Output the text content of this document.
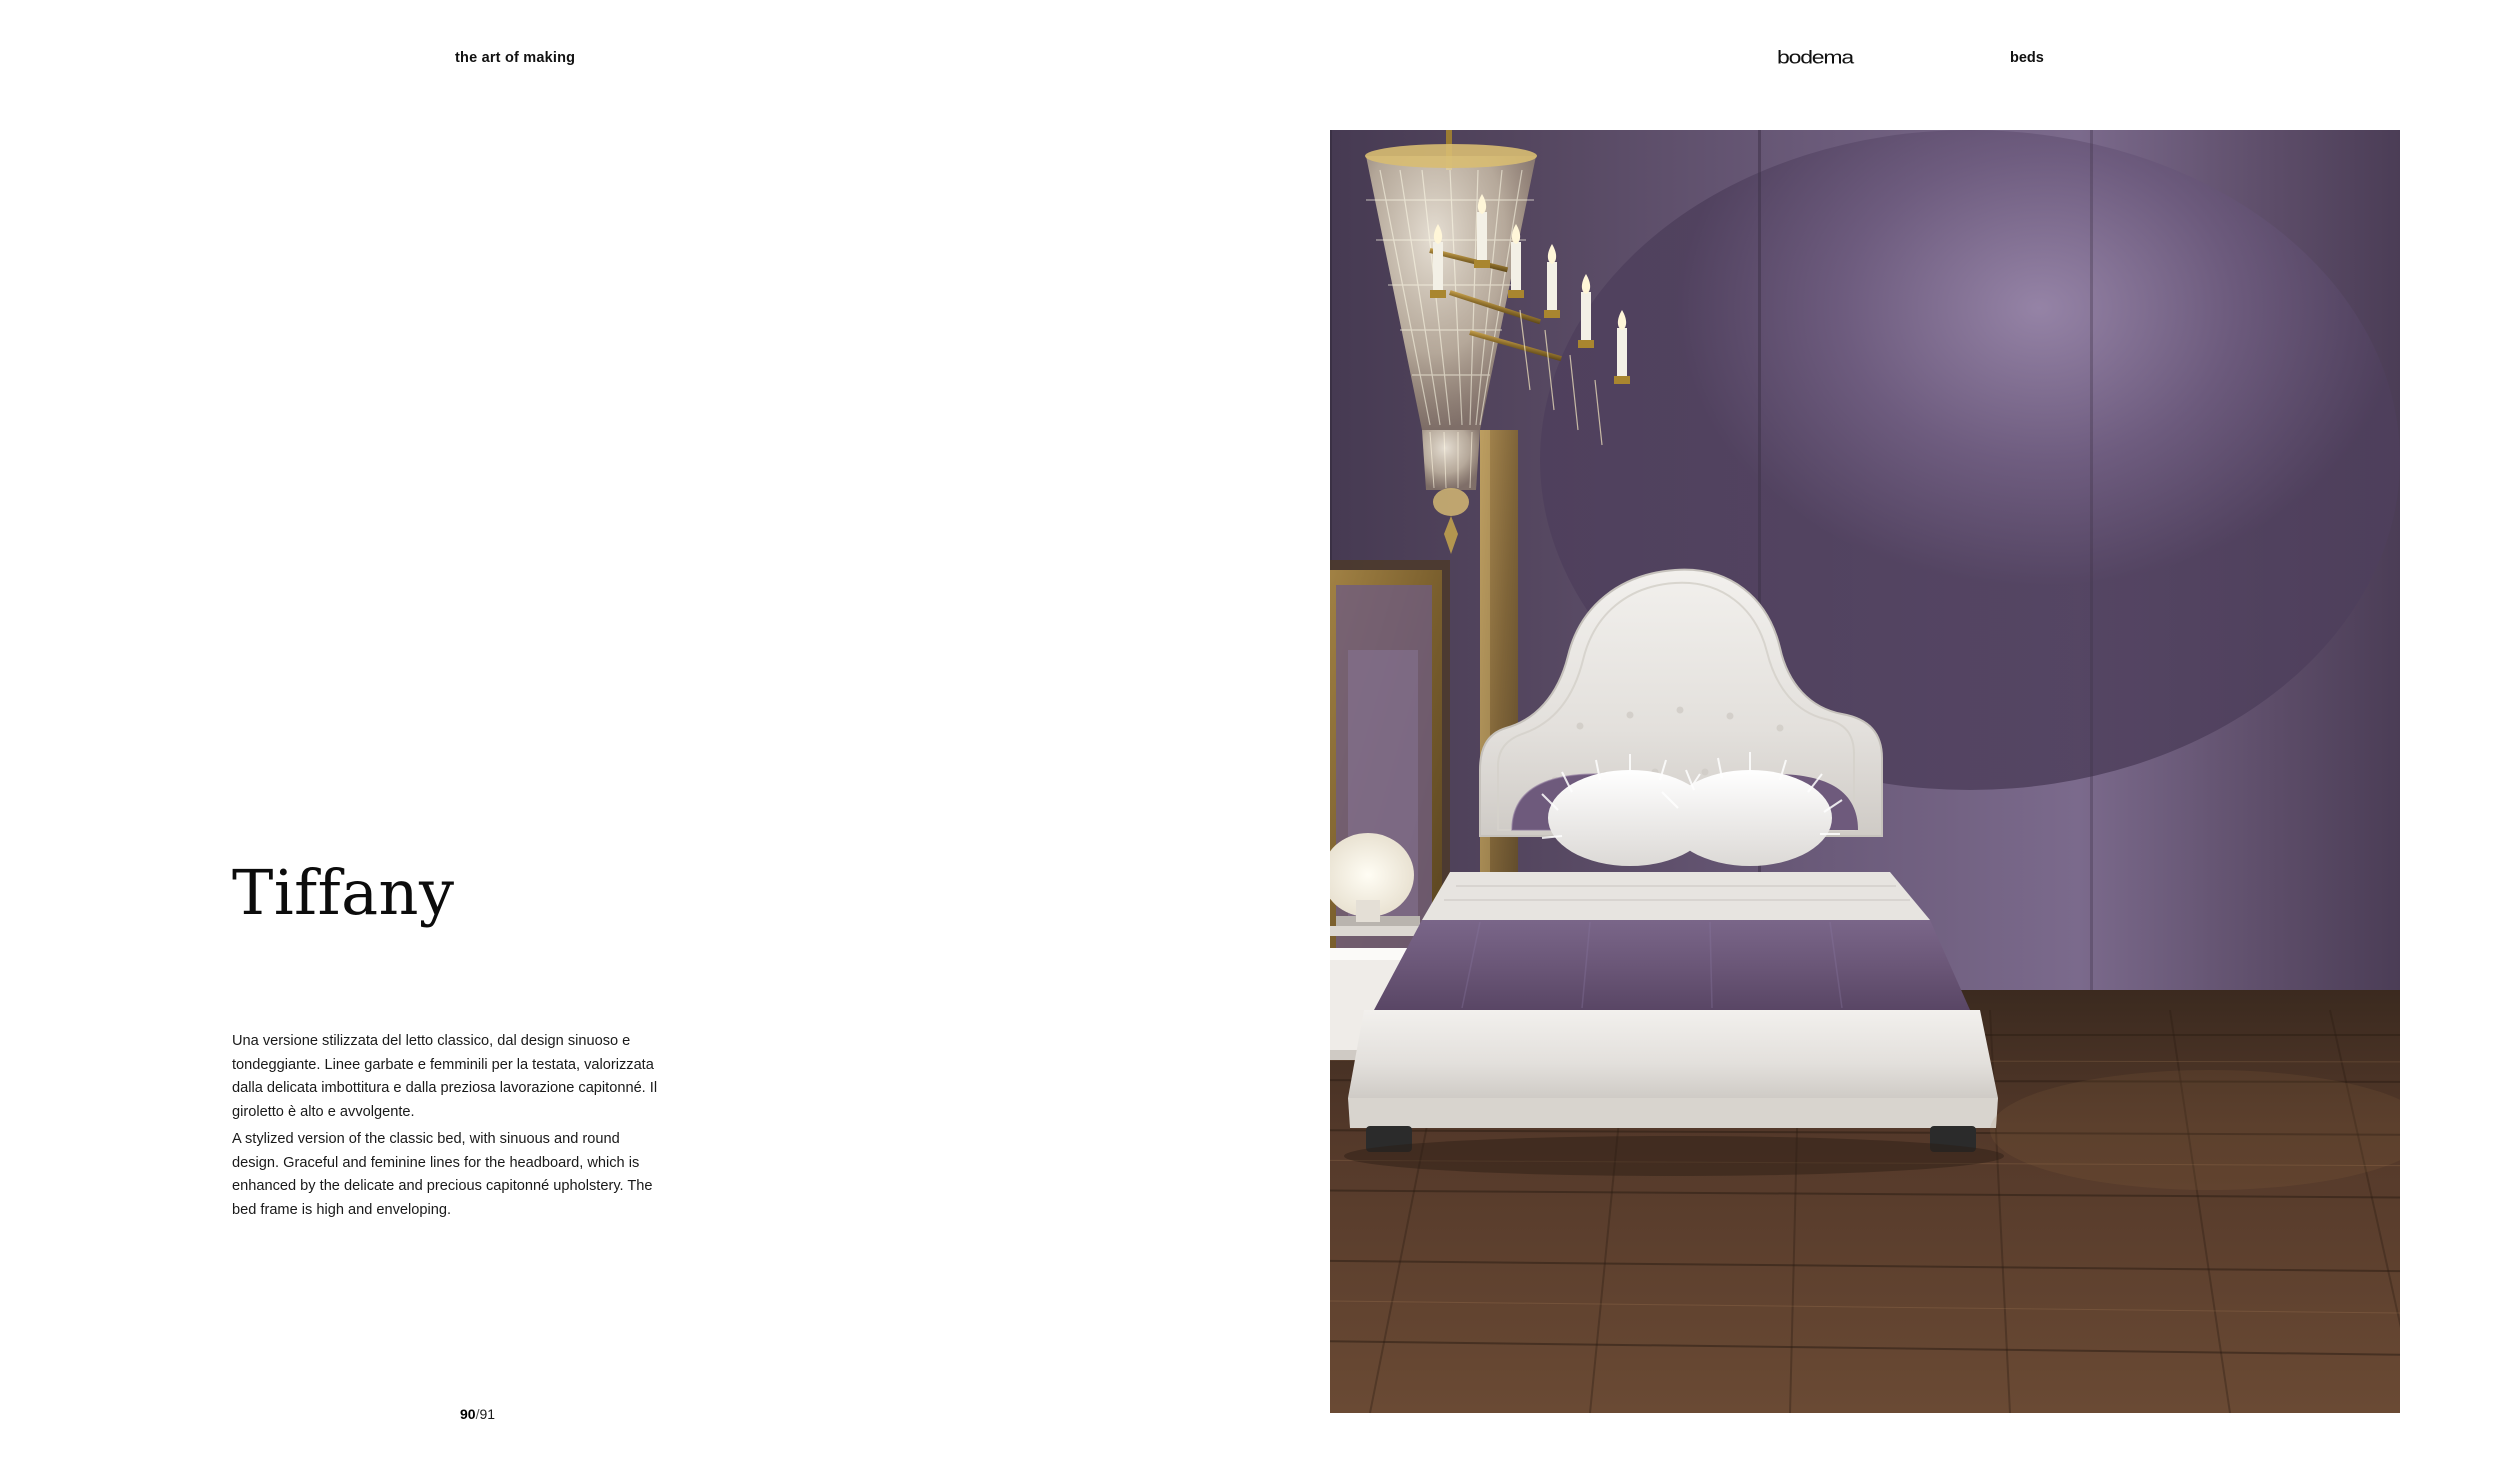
the art of making	bodema	beds
Tiffany
Una versione stilizzata del letto classico, dal design sinuoso e tondeggiante. Linee garbate e femminili per la testata, valorizzata dalla delicata imbottitura e dalla preziosa lavorazione capitonné. Il giroletto è alto e avvolgente.
A stylized version of the classic bed, with sinuous and round design. Graceful and feminine lines for the headboard, which is enhanced by the delicate and precious capitonné upholstery. The bed frame is high and enveloping.
90/91
